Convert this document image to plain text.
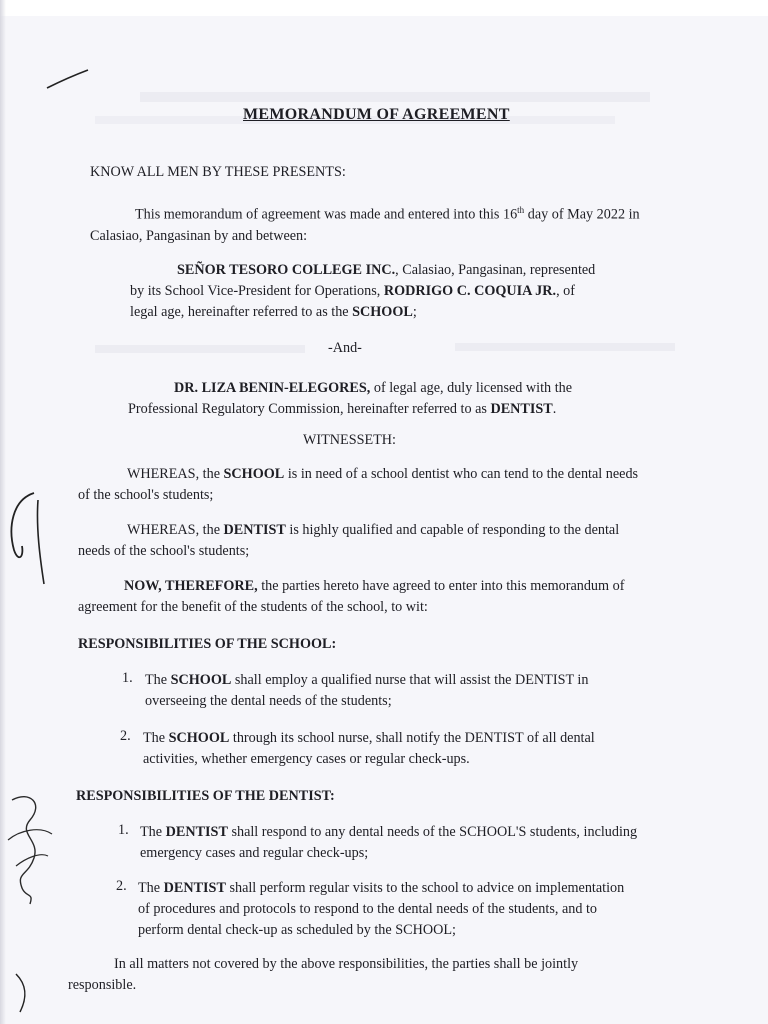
MEMORANDUM OF AGREEMENT
KNOW ALL MEN BY THESE PRESENTS:
This memorandum of agreement was made and entered into this 16th day of May 2022 in
Calasiao, Pangasinan by and between:
SEÑOR TESORO COLLEGE INC., Calasiao, Pangasinan, represented
by its School Vice-President for Operations, RODRIGO C. COQUIA JR., of
legal age, hereinafter referred to as the SCHOOL;
-And-
DR. LIZA BENIN-ELEGORES, of legal age, duly licensed with the
Professional Regulatory Commission, hereinafter referred to as DENTIST.
WITNESSETH:
WHEREAS, the SCHOOL is in need of a school dentist who can tend to the dental needs
of the school's students;
WHEREAS, the DENTIST is highly qualified and capable of responding to the dental
needs of the school's students;
NOW, THEREFORE, the parties hereto have agreed to enter into this memorandum of
agreement for the benefit of the students of the school, to wit:
RESPONSIBILITIES OF THE SCHOOL:
1. The SCHOOL shall employ a qualified nurse that will assist the DENTIST in
overseeing the dental needs of the students;
2. The SCHOOL through its school nurse, shall notify the DENTIST of all dental
activities, whether emergency cases or regular check-ups.
RESPONSIBILITIES OF THE DENTIST:
1. The DENTIST shall respond to any dental needs of the SCHOOL'S students, including
emergency cases and regular check-ups;
2. The DENTIST shall perform regular visits to the school to advice on implementation
of procedures and protocols to respond to the dental needs of the students, and to
perform dental check-up as scheduled by the SCHOOL;
In all matters not covered by the above responsibilities, the parties shall be jointly
responsible.
